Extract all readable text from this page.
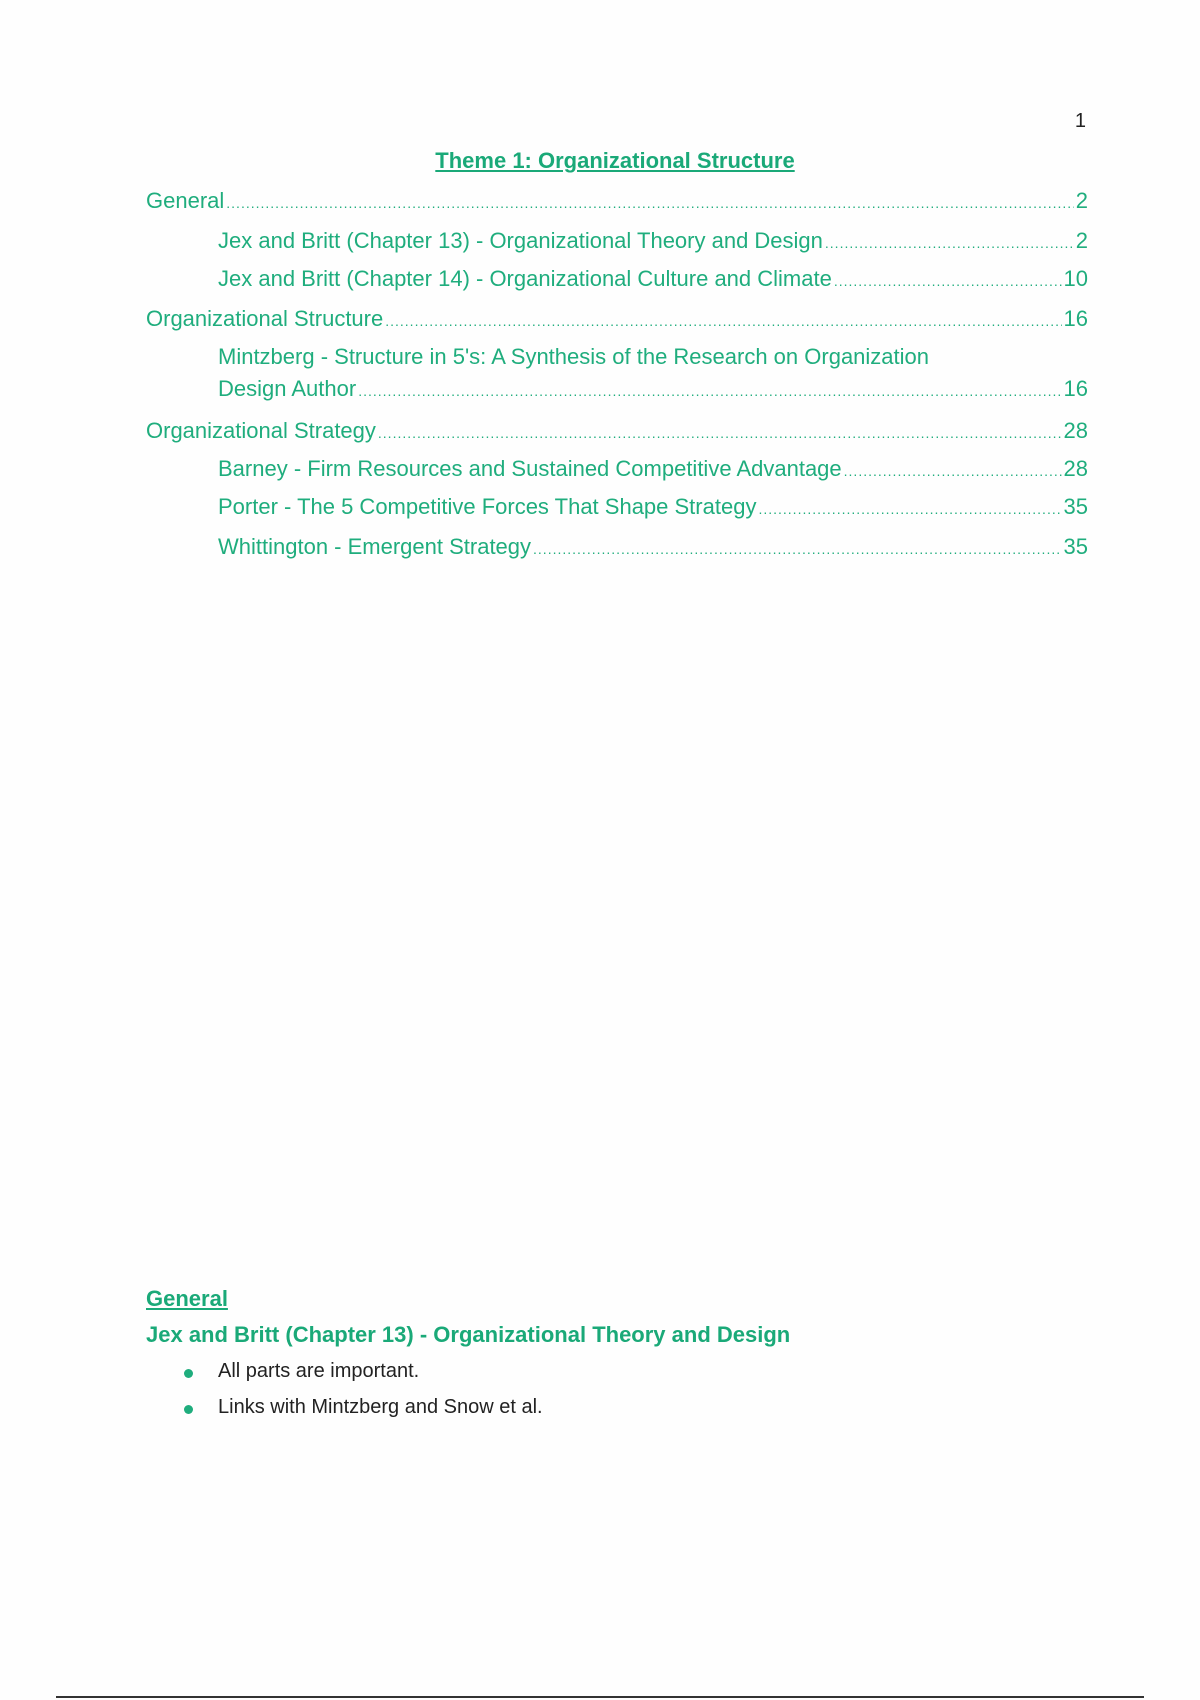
1
Theme 1: Organizational Structure
General .....	2
Jex and Britt (Chapter 13) - Organizational Theory and Design .....	2
Jex and Britt (Chapter 14) - Organizational Culture and Climate .....	10
Organizational Structure .....	16
Mintzberg - Structure in 5's: A Synthesis of the Research on Organization
Design Author .....	16
Organizational Strategy .....	28
Barney - Firm Resources and Sustained Competitive Advantage .....	28
Porter - The 5 Competitive Forces That Shape Strategy .....	35
Whittington - Emergent Strategy .....	35
General
Jex and Britt (Chapter 13) - Organizational Theory and Design
All parts are important.
Links with Mintzberg and Snow et al.
